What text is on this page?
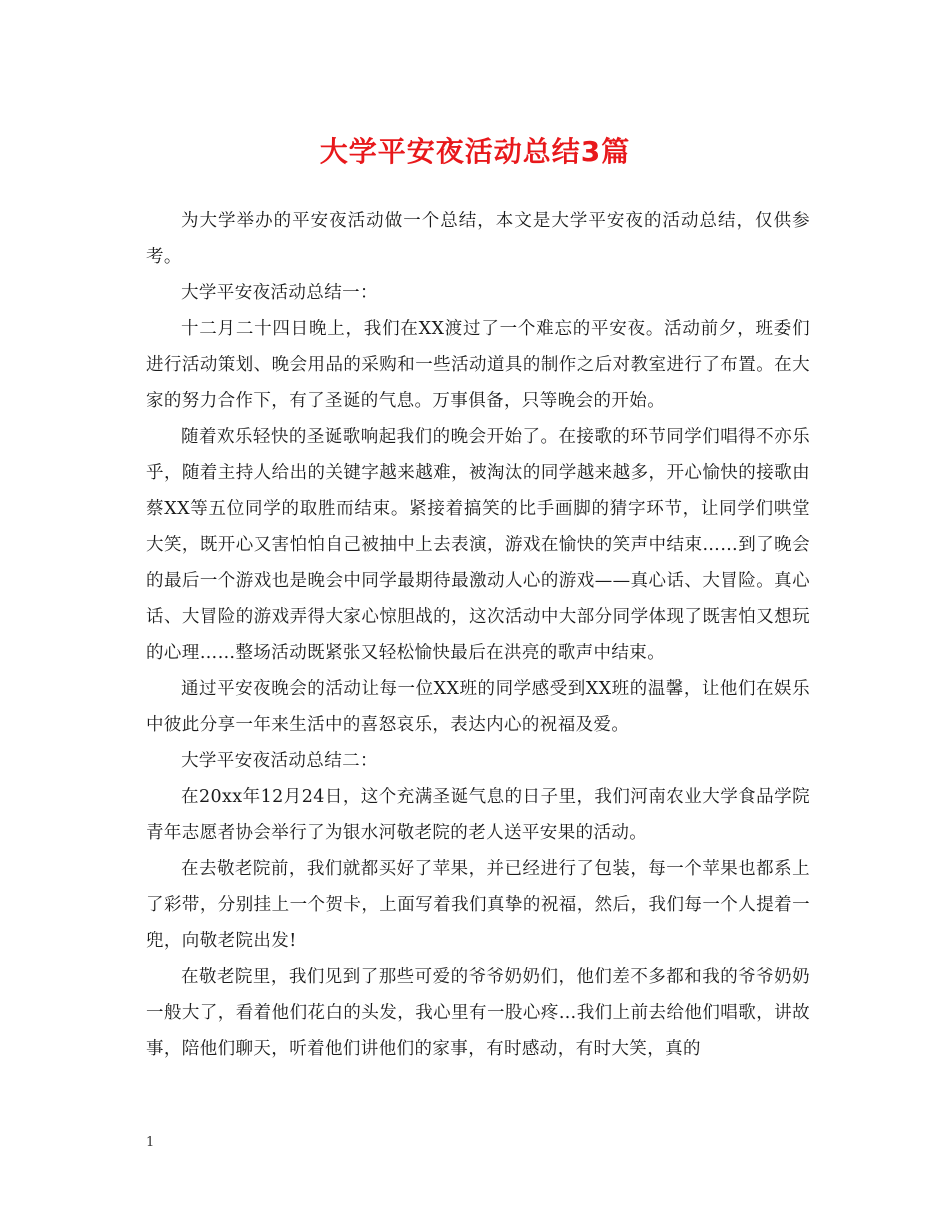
大学平安夜活动总结3篇

为大学举办的平安夜活动做一个总结，本文是大学平安夜的活动总结，仅供参考。

大学平安夜活动总结一：

十二月二十四日晚上，我们在XX渡过了一个难忘的平安夜。活动前夕，班委们进行活动策划、晚会用品的采购和一些活动道具的制作之后对教室进行了布置。在大家的努力合作下，有了圣诞的气息。万事俱备，只等晚会的开始。

随着欢乐轻快的圣诞歌响起我们的晚会开始了。在接歌的环节同学们唱得不亦乐乎，随着主持人给出的关键字越来越难，被淘汰的同学越来越多，开心愉快的接歌由蔡XX等五位同学的取胜而结束。紧接着搞笑的比手画脚的猜字环节，让同学们哄堂大笑，既开心又害怕怕自己被抽中上去表演，游戏在愉快的笑声中结束……到了晚会的最后一个游戏也是晚会中同学最期待最激动人心的游戏——真心话、大冒险。真心话、大冒险的游戏弄得大家心惊胆战的，这次活动中大部分同学体现了既害怕又想玩的心理……整场活动既紧张又轻松愉快最后在洪亮的歌声中结束。

通过平安夜晚会的活动让每一位XX班的同学感受到XX班的温馨，让他们在娱乐中彼此分享一年来生活中的喜怒哀乐，表达内心的祝福及爱。

大学平安夜活动总结二：

在20xx年12月24日，这个充满圣诞气息的日子里，我们河南农业大学食品学院青年志愿者协会举行了为银水河敬老院的老人送平安果的活动。

在去敬老院前，我们就都买好了苹果，并已经进行了包装，每一个苹果也都系上了彩带，分别挂上一个贺卡，上面写着我们真挚的祝福，然后，我们每一个人提着一兜，向敬老院出发!

在敬老院里，我们见到了那些可爱的爷爷奶奶们，他们差不多都和我的爷爷奶奶一般大了，看着他们花白的头发，我心里有一股心疼…我们上前去给他们唱歌，讲故事，陪他们聊天，听着他们讲他们的家事，有时感动，有时大笑，真的

1
